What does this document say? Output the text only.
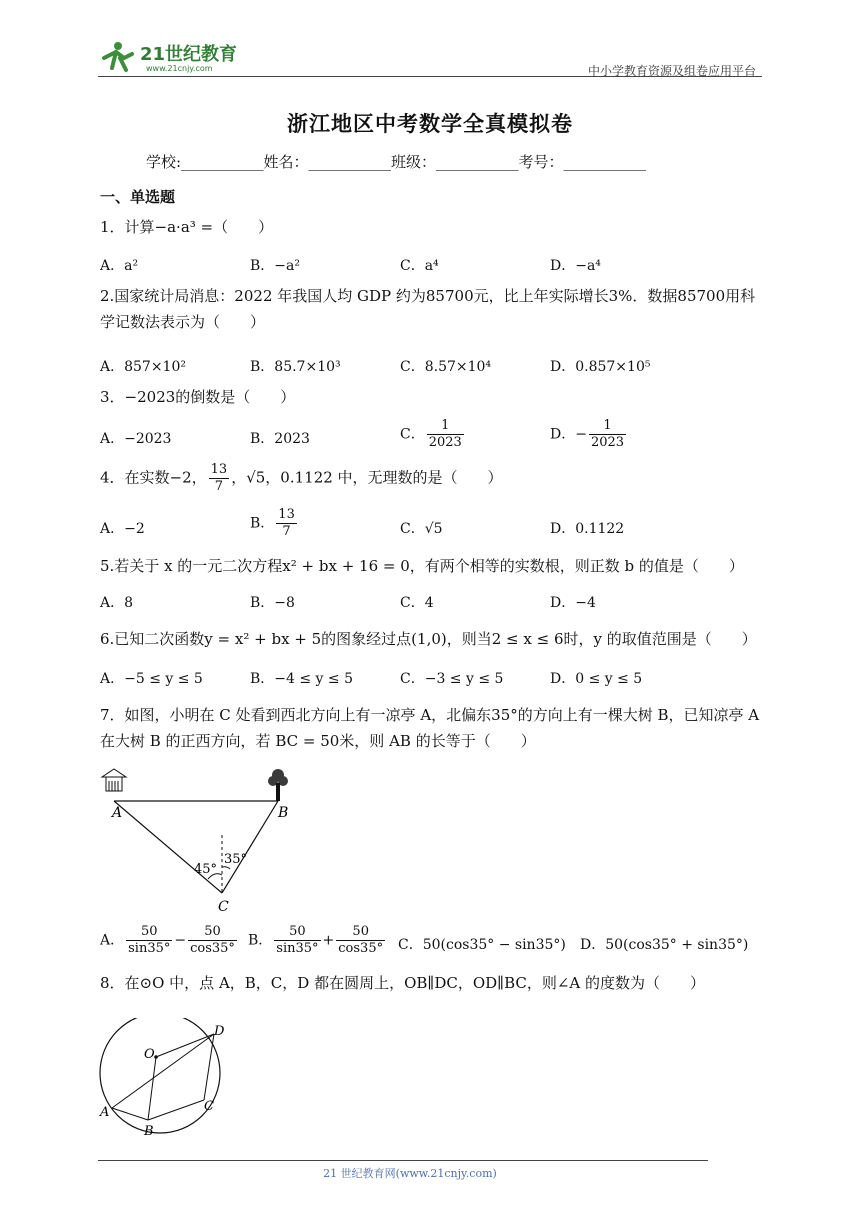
21世纪教育
www.21cnjy.com	中小学教育资源及组卷应用平台
浙江地区中考数学全真模拟卷
学校:___________姓名：___________班级：___________考号：___________
一、单选题
1．计算−a·a³ =（　　）
A．a²	B．−a²	C．a⁴	D．−a⁴
2.国家统计局消息：2022 年我国人均 GDP 约为85700元，比上年实际增长3%．数据85700用科学记数法表示为（　　）
A．857×10²	B．85.7×10³	C．8.57×10⁴	D．0.857×10⁵
3．−2023的倒数是（　　）
A．−2023	B．2023	C． $\frac{1}{2023}$	D．− $\frac{1}{2023}$
4．在实数−2， $\frac{13}{7}$ ，√5，0.1122 中，无理数的是（　　）
A．−2	B． $\frac{13}{7}$	C．√5	D．0.1122
5.若关于 x 的一元二次方程x² + bx + 16 = 0，有两个相等的实数根，则正数 b 的值是（　　）
A．8	B．−8	C．4	D．−4
6.已知二次函数y = x² + bx + 5的图象经过点(1,0)，则当2 ≤ x ≤ 6时，y 的取值范围是（　　）
A．−5 ≤ y ≤ 5	B．−4 ≤ y ≤ 5	C．−3 ≤ y ≤ 5	D．0 ≤ y ≤ 5
7．如图，小明在 C 处看到西北方向上有一凉亭 A，北偏东35°的方向上有一棵大树 B，已知凉亭 A 在大树 B 的正西方向，若 BC = 50米，则 AB 的长等于（　　）
A	B
C
45°
35°
A． $\frac{50}{\sin 35^\circ} - \frac{50}{\cos 35^\circ}$ B． $\frac{50}{\sin 35^\circ} + \frac{50}{\cos 35^\circ}$ C．50(cos35° − sin35°) D．50(cos35° + sin35°)
8．在⊙O 中，点 A，B，C，D 都在圆周上，OB∥DC，OD∥BC，则∠A 的度数为（　　）
O
A
B
C
D
21 世纪教育网(www.21cnjy.com)
